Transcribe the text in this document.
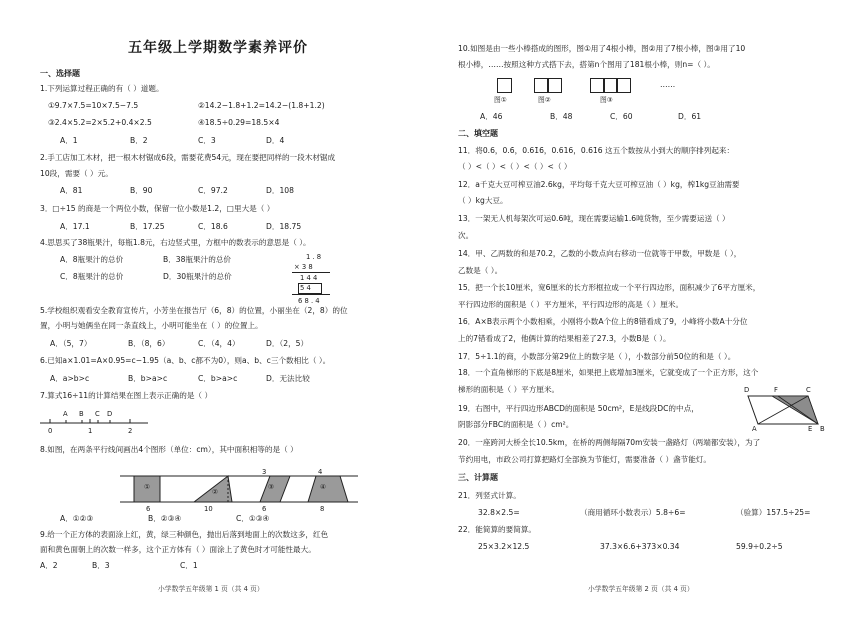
五年级上学期数学素养评价
一、选择题
1.下列运算过程正确的有（ ）道题。
①9.7×7.5=10×7.5−7.5	②14.2−1.8+1.2=14.2−(1.8+1.2)
③2.4×5.2=2×5.2+0.4×2.5	④18.5÷0.29=18.5×4
A．1	B．2	C．3	D．4
2.手工店加工木材，把一根木材锯成6段，需要花费54元，现在要把同样的一段木材锯成
10段，需要（ ）元。
A．81	B．90	C．97.2	D．108
3．□÷15 的商是一个两位小数，保留一位小数是1.2，□里大是（ ）
A．17.1	B．17.25	C．18.6	D．18.75
4.思思买了38瓶果汁，每瓶1.8元，右边竖式里，方框中的数表示的意思是（ ）。
A．8瓶果汁的总价	B．38瓶果汁的总价
C．8瓶果汁的总价	D．30瓶果汁的总价
1 . 8
× 3 8
1 4 4
5 4
6 8 . 4
5.学校组织观看安全教育宣传片，小芳坐在报告厅（6，8）的位置，小丽坐在（2，8）的位
置，小明与她俩坐在同一条直线上，小明可能坐在（ ）的位置上。
A．（5，7）	B．（8，6）	C．（4，4）	D．（2，5）
6.已知a×1.01=A×0.95=c−1.95（a、b、c都不为0），则a、b、c三个数相比（ ）。
A．a>b>c	B．b>a>c	C．b>a>c	D．无法比较
7.算式16÷11的计算结果在图上表示正确的是（ ）
A B C D
0	1	2
8.如图，在两条平行线间画出4个图形（单位：cm），其中面积相等的是（ ）
①
②
③	④
6	10	6	8
3	4
A．①②③	B．②③④	C．①③④
9.给一个正方体的表面涂上红，黄，绿三种颜色，抛出后落到地面上的次数这多，红色
面和黄色面朝上的次数一样多，这个正方体有（ ）面涂上了黄色时才可能性最大。
A．2	B．3	C．1
小学数学五年级第 1 页（共 4 页）
10.如图是由一些小棒搭成的图形，图①用了4根小棒，图②用了7根小棒，图③用了10
根小棒，……按照这种方式搭下去，搭第n个图用了181根小棒，则n=（ ）。
……
图①	图②	图③
A．46	B．48	C．60	D．61
二、填空题
11．将0.6，0.6̇，0.61̇6̇，0.616，0.61̇6 这五个数按从小到大的顺序排列起来：
（ ）<（ ）<（ ）<（ ）<（ ）
12．a千克大豆可榨豆油2.6kg，平均每千克大豆可榨豆油（ ）kg，榨1kg豆油需要
（ ）kg大豆。
13．一架无人机每架次可运0.6吨，现在需要运输1.6吨货物，至少需要运送（ ）
次。
14．甲、乙两数的和是70.2，乙数的小数点向右移动一位就等于甲数，甲数是（ ），
乙数是（ ）。
15．把一个长10厘米，宽6厘米的长方形框拉成一个平行四边形，面积减少了6平方厘米，
平行四边形的面积是（ ）平方厘米，平行四边形的高是（ ）厘米。
16．A×B表示两个小数相乘，小刚将小数A个位上的8错看成了9，小峰将小数A十分位
上的7错看成了2，他俩计算的结果相差了27.3，小数B是（ ）。
17．5÷1.1的商，小数部分第29位上的数字是（ ），小数部分前50位的和是（ ）。
18．一个直角梯形的下底是8厘米，如果把上底增加3厘米，它就变成了一个正方形，这个
梯形的面积是（ ）平方厘米。	D	F	C
A	B
E
19．右图中，平行四边形ABCD的面积是 50cm²，E是线段DC的中点，
阴影部分FBC的面积是（ ）cm²。
20．一座跨河大桥全长10.5km，在桥的两侧每隔70m安装一盏路灯（两端都安装），为了
节约用电，市政公司打算把路灯全部换为节能灯，需要准备（ ）盏节能灯。
三、计算题
21．列竖式计算。
32.8×2.5=	（商用循环小数表示）5.8÷6=	（验算）157.5÷25=
22．能简算的要简算。
25×3.2×12.5	37.3×6.6+373×0.34	59.9÷0.2÷5
小学数学五年级第 2 页（共 4 页）
